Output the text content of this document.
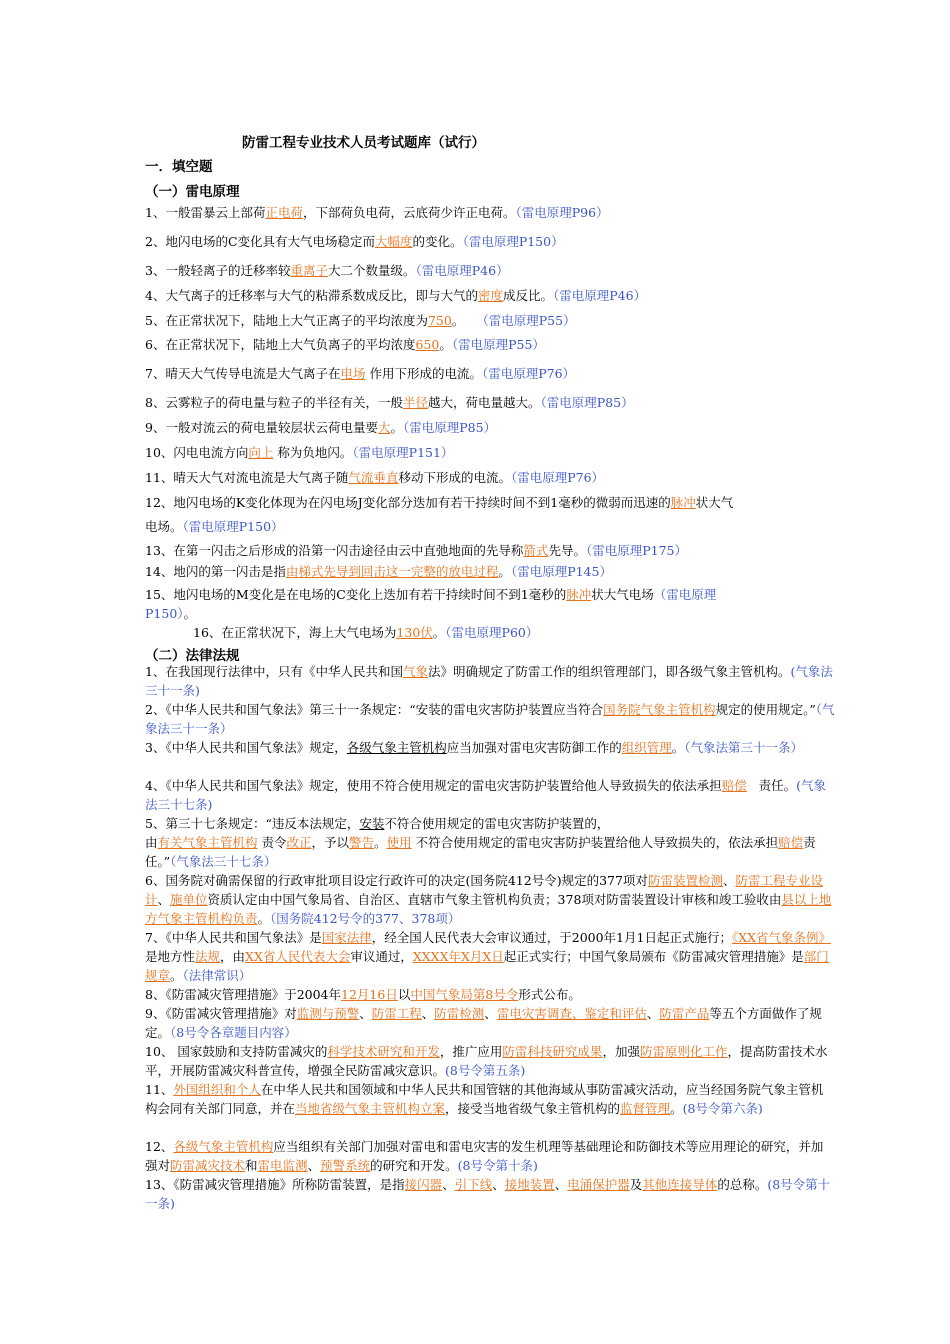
防雷工程专业技术人员考试题库（试行）
一．填空题
（一）雷电原理
1、一般雷暴云上部荷正电荷，下部荷负电荷，云底荷少许正电荷。（雷电原理P96）
2、地闪电场的C变化具有大气电场稳定而大幅度的变化。（雷电原理P150）
3、一般轻离子的迁移率较重离子大二个数量级。（雷电原理P46）
4、大气离子的迁移率与大气的粘滞系数成反比，即与大气的密度成反比。（雷电原理P46）
5、在正常状况下，陆地上大气正离子的平均浓度为750。 （雷电原理P55）
6、在正常状况下，陆地上大气负离子的平均浓度650。（雷电原理P55）
7、晴天大气传导电流是大气离子在电场 作用下形成的电流。（雷电原理P76）
8、云雾粒子的荷电量与粒子的半径有关，一般半径越大，荷电量越大。（雷电原理P85）
9、一般对流云的荷电量较层状云荷电量要大。（雷电原理P85）
10、闪电电流方向向上 称为负地闪。（雷电原理P151）
11、晴天大气对流电流是大气离子随气流垂直移动下形成的电流。（雷电原理P76）
12、地闪电场的K变化体现为在闪电场J变化部分迭加有若干持续时间不到1毫秒的微弱而迅速的脉冲状大气
电场。（雷电原理P150）
13、在第一闪击之后形成的沿第一闪击途径由云中直弛地面的先导称箭式先导。（雷电原理P175）
14、地闪的第一闪击是指由梯式先导到回击这一完整的放电过程。（雷电原理P145）
15、地闪电场的M变化是在电场的C变化上迭加有若干持续时间不到1毫秒的脉冲状大气电场（雷电原理
P150）。
16、在正常状况下，海上大气电场为130伏。（雷电原理P60）
（二）法律法规
1、在我国现行法律中，只有《中华人民共和国气象法》明确规定了防雷工作的组织管理部门，即各级气象主管机构。(气象法三十一条)
2、《中华人民共和国气象法》第三十一条规定：“安装的雷电灾害防护装置应当符合国务院气象主管机构规定的使用规定。”（气象法三十一条）
3、《中华人民共和国气象法》规定，各级气象主管机构应当加强对雷电灾害防御工作的组织管理。（气象法第三十一条）
4、《中华人民共和国气象法》规定，使用不符合使用规定的雷电灾害防护装置给他人导致损失的依法承担赔偿 责任。(气象法三十七条)
5、第三十七条规定：“违反本法规定，安装不符合使用规定的雷电灾害防护装置的，
由有关气象主管机构 责令改正，予以警告。使用 不符合使用规定的雷电灾害防护装置给他人导致损失的，依法承担赔偿责任。”（气象法三十七条）
6、国务院对确需保留的行政审批项目设定行政许可的决定(国务院412号令)规定的377项对防雷装置检测、防雷工程专业设计、施单位资质认定由中国气象局省、自治区、直辖市气象主管机构负责；378项对防雷装置设计审核和竣工验收由县以上地方气象主管机构负责。（国务院412号令的377、378项）
7、《中华人民共和国气象法》是国家法律，经全国人民代表大会审议通过，于2000年1月1日起正式施行；《XX省气象条例》是地方性法规，由XX省人民代表大会审议通过，XXXX年X月X日起正式实行；中国气象局颁布《防雷减灾管理措施》是部门规章。（法律常识）
8、《防雷减灾管理措施》于2004年12月16日以中国气象局第8号令形式公布。
9、《防雷减灾管理措施》对监测与预警、防雷工程、防雷检测、雷电灾害调查、鉴定和评估、防雷产品等五个方面做作了规定。（8号令各章题目内容）
10、 国家鼓励和支持防雷减灾的科学技术研究和开发，推广应用防雷科技研究成果，加强防雷原则化工作，提高防雷技术水平，开展防雷减灾科普宣传，增强全民防雷减灾意识。(8号令第五条)
11、外国组织和个人在中华人民共和国领域和中华人民共和国管辖的其他海域从事防雷减灾活动，应当经国务院气象主管机构会同有关部门同意，并在当地省级气象主管机构立案，接受当地省级气象主管机构的监督管理。(8号令第六条)
12、各级气象主管机构应当组织有关部门加强对雷电和雷电灾害的发生机理等基础理论和防御技术等应用理论的研究，并加强对防雷减灾技术和雷电监测、预警系统的研究和开发。(8号令第十条)
13、《防雷减灾管理措施》所称防雷装置，是指接闪器、引下线、接地装置、电涌保护器及其他连接导体的总称。(8号令第十一条)
